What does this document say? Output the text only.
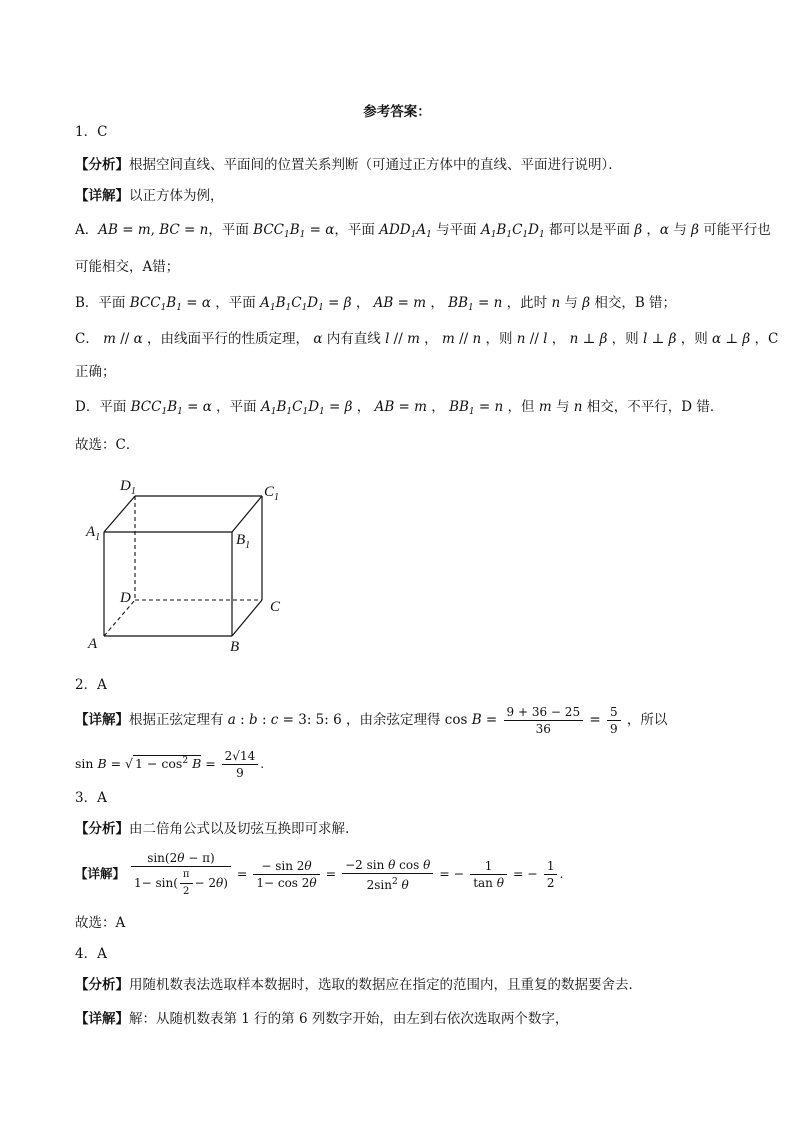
参考答案：
1．C
【分析】根据空间直线、平面间的位置关系判断（可通过正方体中的直线、平面进行说明）．
【详解】以正方体为例，
A．AB = m, BC = n，平面 $BCC_1B_1 = \alpha$，平面 $ADD_1A_1$ 与平面 $A_1B_1C_1D_1$ 都可以是平面 β ，α 与 β 可能平行也
可能相交，A错；
B．平面 $BCC_1B_1 = \alpha$ ，平面 $A_1B_1C_1D_1 = \beta$ ， AB = m ， $BB_1 = n$ ，此时 n 与 β 相交，B 错；
C． m // α ，由线面平行的性质定理， α 内有直线 l // m ， m // n ，则 n // l ， n ⊥ β ，则 l ⊥ β ，则 α ⊥ β ，C
正确；
D．平面 $BCC_1B_1 = \alpha$ ，平面 $A_1B_1C_1D_1 = \beta$ ， AB = m ， $BB_1 = n$ ，但 m 与 n 相交，不平行，D 错．
故选：C．
$D_1$	$C_1$
$A_1$	$B_1$
D
C
A	B
2．A
【详解】根据正弦定理有 a : b : c = 3: 5: 6 ，由余弦定理得 $\cos B = \frac{9 + 36 - 25}{36} = \frac{5}{9}$ ，所以
sin B = √ $1 - \cos^2 B = \frac{2√14}{9}$ .
3．A
【分析】由二倍角公式以及切弦互换即可求解.
【详解】 $\frac{\sin(2\theta - \pi)}{1- \sin( \frac{\pi}{2} - 2\theta)} = \frac{- \sin 2\theta}{1- \cos 2\theta} = \frac{\text{−2 sin θ cos θ}}{2\sin^2 \theta}$ = − $\frac{1}{\text{tan θ}}$ = − $\frac{1}{2}$ .
故选：A
4．A
【分析】用随机数表法选取样本数据时，选取的数据应在指定的范围内，且重复的数据要舍去．
【详解】解：从随机数表第 1 行的第 6 列数字开始，由左到右依次选取两个数字，
